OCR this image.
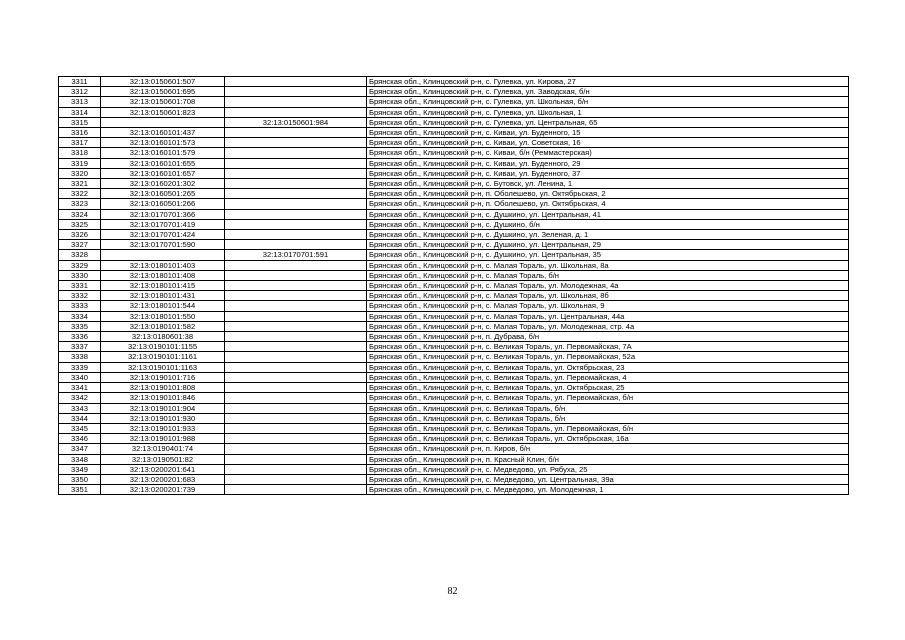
3311	32:13:0150601:507		Брянская обл., Клинцовский р-н, с. Гулевка, ул. Кирова, 27
3312	32:13:0150601:695		Брянская обл., Клинцовский р-н, с. Гулевка, ул. Заводская, б/н
3313	32:13:0150601:708		Брянская обл., Клинцовский р-н, с. Гулевка, ул. Школьная, б/н
3314	32:13:0150601:823		Брянская обл., Клинцовский р-н, с. Гулевка, ул. Школьная, 1
3315		32:13:0150601:984	Брянская обл., Клинцовский р-н, с. Гулевка, ул. Центральная, 65
3316	32:13:0160101:437		Брянская обл., Клинцовский р-н, с. Киваи, ул. Буденного, 15
3317	32:13:0160101:573		Брянская обл., Клинцовский р-н, с. Киваи, ул. Советская, 16
3318	32:13:0160101:579		Брянская обл., Клинцовский р-н, с. Киваи, б/н (Реммастерская)
3319	32:13:0160101:655		Брянская обл., Клинцовский р-н, с. Киваи, ул. Буденного, 29
3320	32:13:0160101:657		Брянская обл., Клинцовский р-н, с. Киваи, ул. Буденного, 37
3321	32:13:0160201:302		Брянская обл., Клинцовский р-н, с. Бутовск, ул. Ленина, 1
3322	32:13:0160501:265		Брянская обл., Клинцовский р-н, п. Оболешево, ул. Октябрьская, 2
3323	32:13:0160501:266		Брянская обл., Клинцовский р-н, п. Оболешево, ул. Октябрьская, 4
3324	32:13:0170701:366		Брянская обл., Клинцовский р-н, с. Душкино, ул. Центральная, 41
3325	32:13:0170701:419		Брянская обл., Клинцовский р-н, с. Душкино, б/н
3326	32:13:0170701:424		Брянская обл., Клинцовский р-н, с. Душкино, ул. Зеленая, д. 1
3327	32:13:0170701:590		Брянская обл., Клинцовский р-н, с. Душкино, ул. Центральная, 29
3328		32:13:0170701:591	Брянская обл., Клинцовский р-н, с. Душкино, ул. Центральная, 35
3329	32:13:0180101:403		Брянская обл., Клинцовский р-н, с. Малая Topaль, ул. Школьная, 8а
3330	32:13:0180101:408		Брянская обл., Клинцовский р-н, с. Малая Topaль, б/н
3331	32:13:0180101:415		Брянская обл., Клинцовский р-н, с. Малая Topaль, ул. Молодежная, 4а
3332	32:13:0180101:431		Брянская обл., Клинцовский р-н, с. Малая Topaль, ул. Школьная, 8б
3333	32:13:0180101:544		Брянская обл., Клинцовский р-н, с. Малая Topaль, ул. Школьная, 9
3334	32:13:0180101:550		Брянская обл., Клинцовский р-н, с. Малая Topaль, ул. Центральная, 44а
3335	32:13:0180101:582		Брянская обл., Клинцовский р-н, с. Малая Topaль, ул. Молодежная, стр. 4а
3336	32:13:0180601:38		Брянская обл., Клинцовский р-н, п. Дубрава, б/н
3337	32:13:0190101:1155		Брянская обл., Клинцовский р-н, с. Великая Topaль, ул. Первомайская, 7А
3338	32:13:0190101:1161		Брянская обл., Клинцовский р-н, с. Великая Topaль, ул. Первомайская, 52а
3339	32:13:0190101:1163		Брянская обл., Клинцовский р-н, с. Великая Topaль, ул. Октябрьская, 23
3340	32:13:0190101:716		Брянская обл., Клинцовский р-н, с. Великая Topaль, ул. Первомайская, 4
3341	32:13:0190101:808		Брянская обл., Клинцовский р-н, с. Великая Topaль, ул. Октябрьская, 25
3342	32:13:0190101:846		Брянская обл., Клинцовский р-н, с. Великая Topaль, ул. Первомайская, б/н
3343	32:13:0190101:904		Брянская обл., Клинцовский р-н, с. Великая Topaль, б/н
3344	32:13:0190101:930		Брянская обл., Клинцовский р-н, с. Великая Topaль, б/н
3345	32:13:0190101:933		Брянская обл., Клинцовский р-н, с. Великая Topaль, ул. Первомайская, б/н
3346	32:13:0190101:988		Брянская обл., Клинцовский р-н, с. Великая Topaль, ул. Октябрьская, 16а
3347	32:13:0190401:74		Брянская обл., Клинцовский р-н, п. Киров, б/н
3348	32:13:0190501:82		Брянская обл., Клинцовский р-н, п. Красный Клин, б/н
3349	32:13:0200201:641		Брянская обл., Клинцовский р-н, с. Медведово, ул. Рябуха, 25
3350	32:13:0200201:683		Брянская обл., Клинцовский р-н, с. Медведово, ул. Центральная, 39а
3351	32:13:0200201:739		Брянская обл., Клинцовский р-н, с. Медведово, ул. Молодежная, 1
82
